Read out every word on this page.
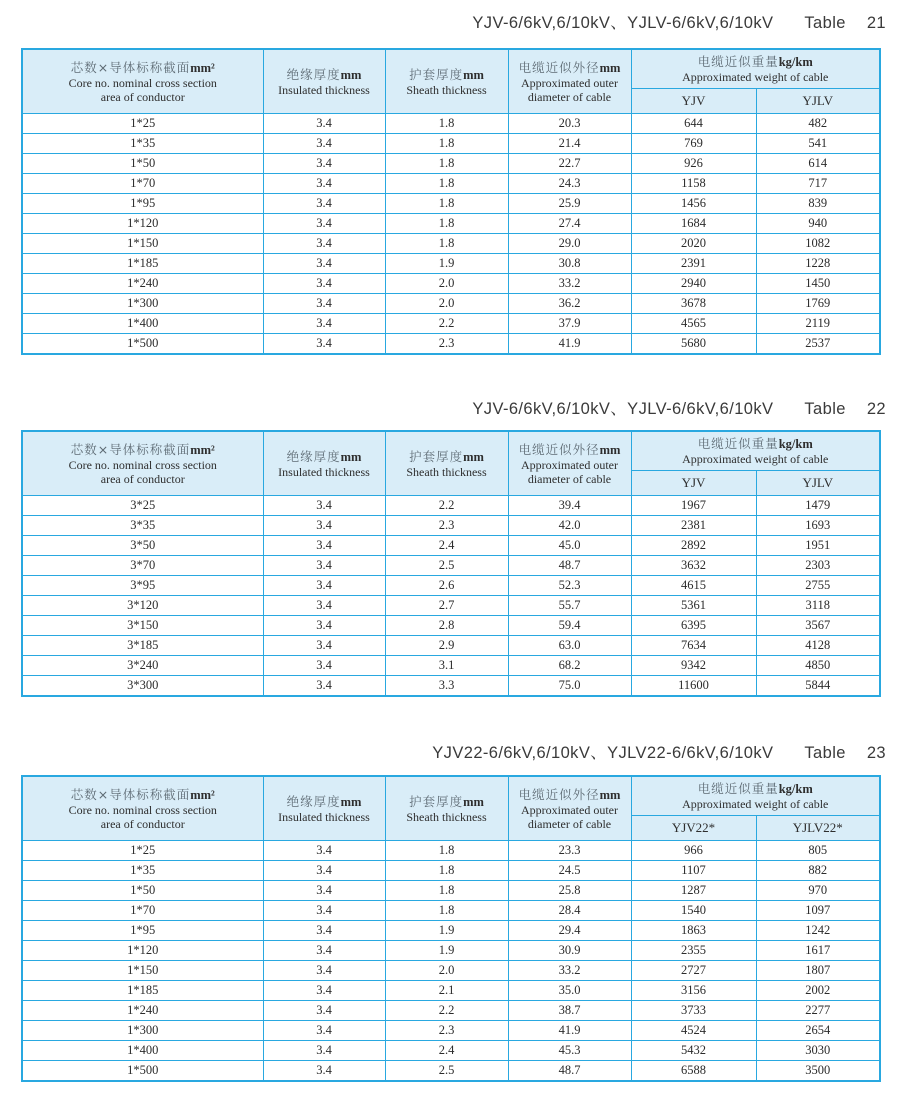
YJV-6/6kV,6/10kV、YJLV-6/6kV,6/10kV Table 21
芯数×导体标称截面mm²
Core no. nominal cross section
area of conductor

绝缘厚度mm
Insulated thickness

护套厚度mm
Sheath thickness

电缆近似外径mm
Approximated outer
diameter of cable

电缆近似重量kg/km
Approximated weight of cable

				YJV	YJLV
1*25	3.4	1.8	20.3	644	482
1*35	3.4	1.8	21.4	769	541
1*50	3.4	1.8	22.7	926	614
1*70	3.4	1.8	24.3	1158	717
1*95	3.4	1.8	25.9	1456	839
1*120	3.4	1.8	27.4	1684	940
1*150	3.4	1.8	29.0	2020	1082
1*185	3.4	1.9	30.8	2391	1228
1*240	3.4	2.0	33.2	2940	1450
1*300	3.4	2.0	36.2	3678	1769
1*400	3.4	2.2	37.9	4565	2119
1*500	3.4	2.3	41.9	5680	2537
YJV-6/6kV,6/10kV、YJLV-6/6kV,6/10kV Table 22
芯数×导体标称截面mm²
Core no. nominal cross section
area of conductor

绝缘厚度mm
Insulated thickness

护套厚度mm
Sheath thickness

电缆近似外径mm
Approximated outer
diameter of cable

电缆近似重量kg/km
Approximated weight of cable

				YJV	YJLV
3*25	3.4	2.2	39.4	1967	1479
3*35	3.4	2.3	42.0	2381	1693
3*50	3.4	2.4	45.0	2892	1951
3*70	3.4	2.5	48.7	3632	2303
3*95	3.4	2.6	52.3	4615	2755
3*120	3.4	2.7	55.7	5361	3118
3*150	3.4	2.8	59.4	6395	3567
3*185	3.4	2.9	63.0	7634	4128
3*240	3.4	3.1	68.2	9342	4850
3*300	3.4	3.3	75.0	11600	5844
YJV22-6/6kV,6/10kV、YJLV22-6/6kV,6/10kV Table 23
芯数×导体标称截面mm²
Core no. nominal cross section
area of conductor

绝缘厚度mm
Insulated thickness

护套厚度mm
Sheath thickness

电缆近似外径mm
Approximated outer
diameter of cable

电缆近似重量kg/km
Approximated weight of cable

				YJV22*	YJLV22*
1*25	3.4	1.8	23.3	966	805
1*35	3.4	1.8	24.5	1107	882
1*50	3.4	1.8	25.8	1287	970
1*70	3.4	1.8	28.4	1540	1097
1*95	3.4	1.9	29.4	1863	1242
1*120	3.4	1.9	30.9	2355	1617
1*150	3.4	2.0	33.2	2727	1807
1*185	3.4	2.1	35.0	3156	2002
1*240	3.4	2.2	38.7	3733	2277
1*300	3.4	2.3	41.9	4524	2654
1*400	3.4	2.4	45.3	5432	3030
1*500	3.4	2.5	48.7	6588	3500
